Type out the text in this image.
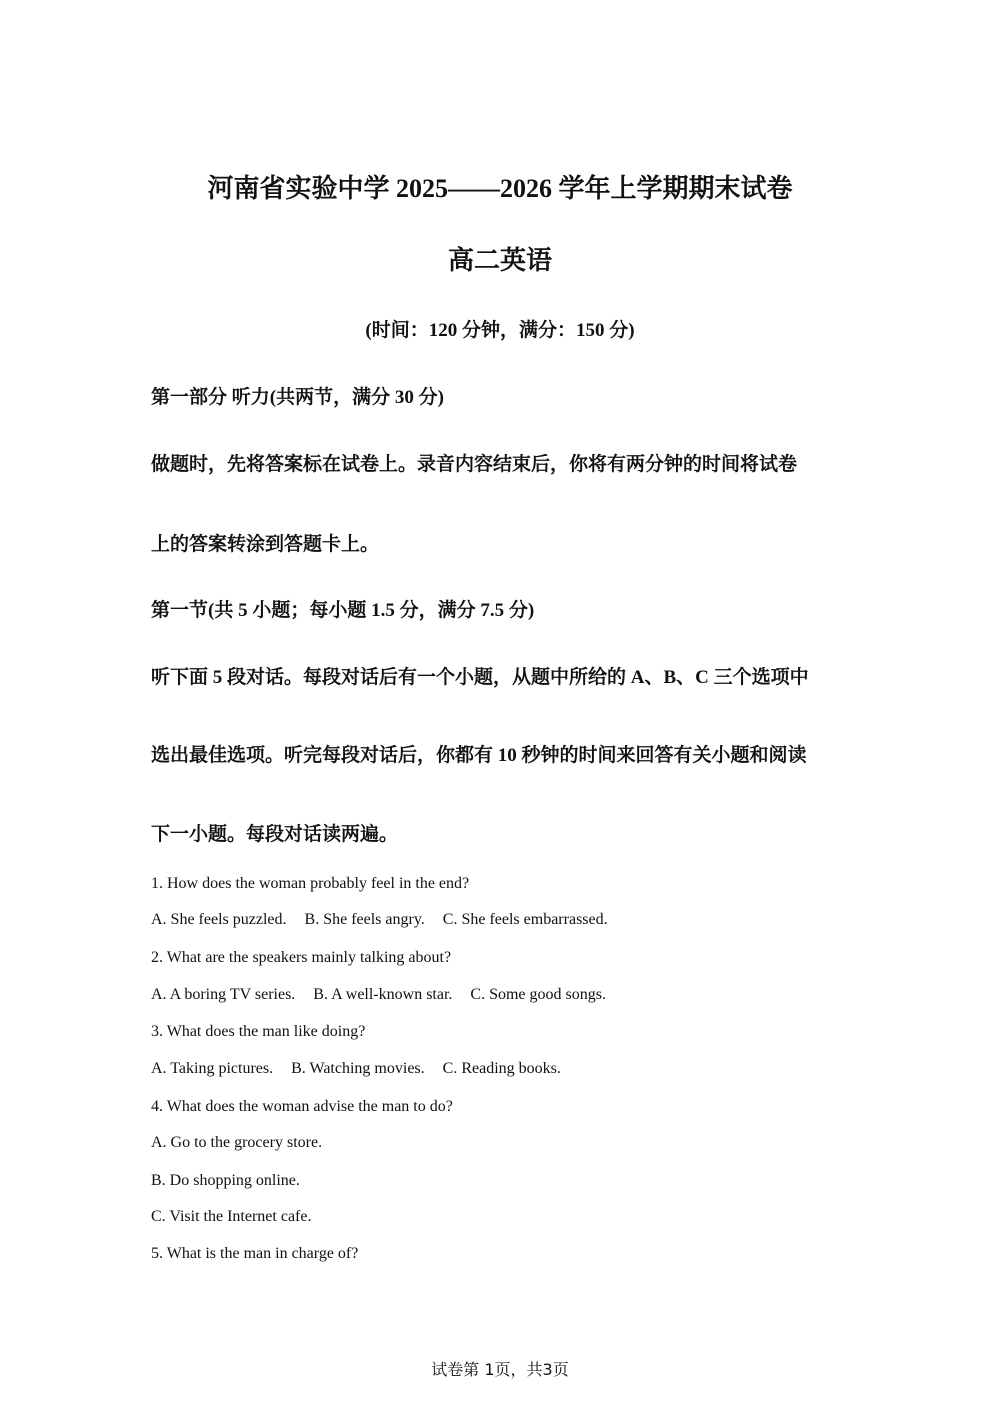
河南省实验中学 2025——2026 学年上学期期末试卷
高二英语

(时间：120 分钟，满分：150 分)

第一部分 听力(共两节，满分 30 分)

做题时，先将答案标在试卷上。录音内容结束后，你将有两分钟的时间将试卷

上的答案转涂到答题卡上。

第一节(共 5 小题；每小题 1.5 分，满分 7.5 分)

听下面 5 段对话。每段对话后有一个小题，从题中所给的 A、B、C 三个选项中

选出最佳选项。听完每段对话后，你都有 10 秒钟的时间来回答有关小题和阅读

下一小题。每段对话读两遍。

1. How does the woman probably feel in the end?

A. She feels puzzled. B. She feels angry. C. She feels embarrassed.

2. What are the speakers mainly talking about?

A. A boring TV series. B. A well-known star. C. Some good songs.

3. What does the man like doing?

A. Taking pictures. B. Watching movies. C. Reading books.

4. What does the woman advise the man to do?

A. Go to the grocery store.

B. Do shopping online.

C. Visit the Internet cafe.

5. What is the man in charge of?

试卷第 1页，共3页
